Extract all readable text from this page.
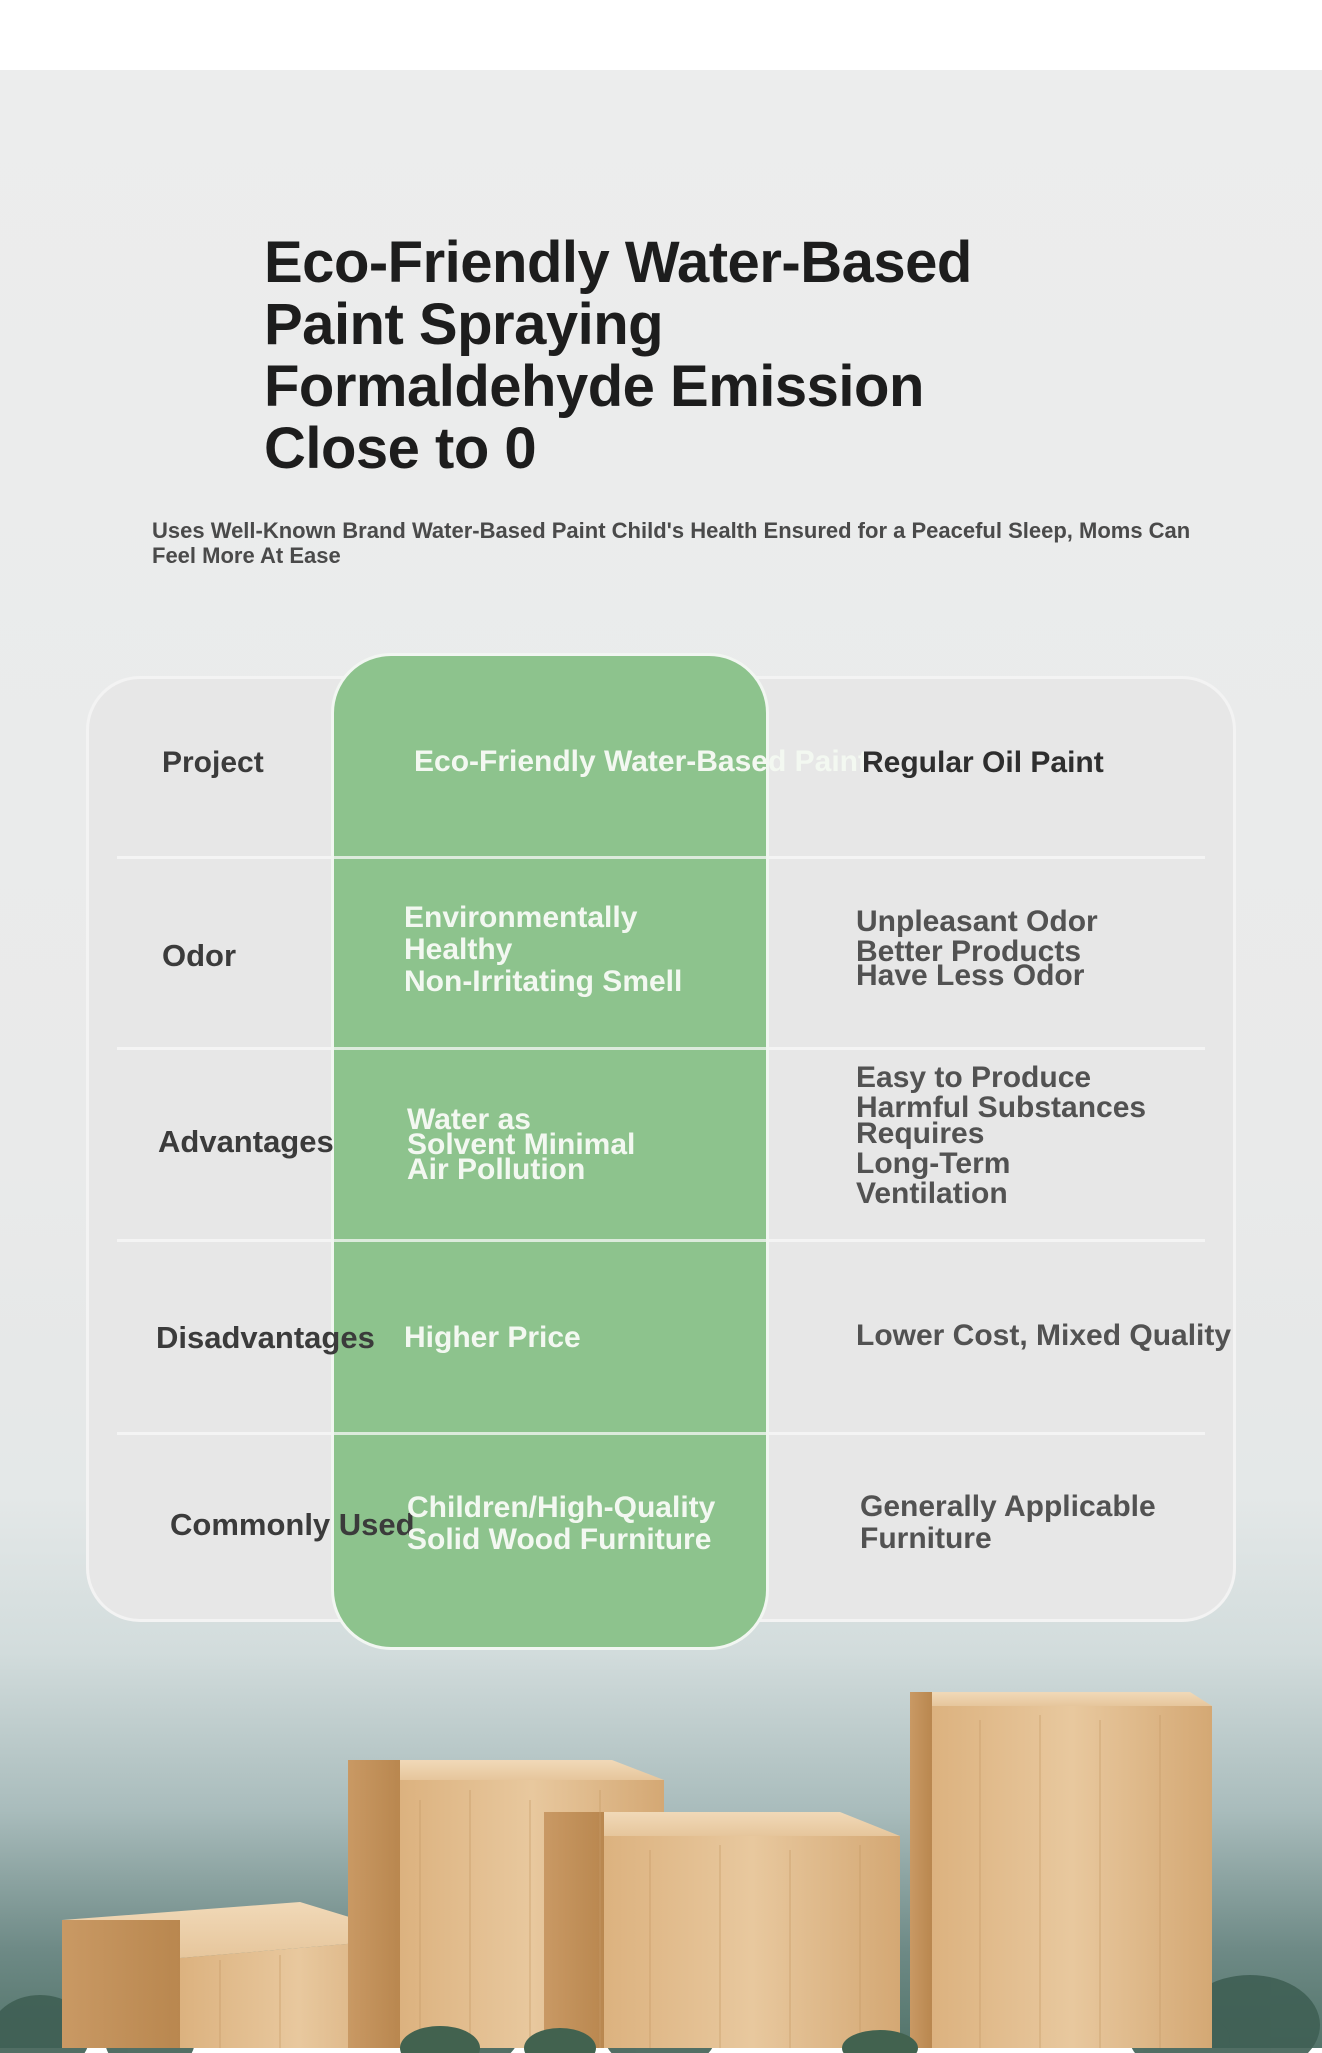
Eco-Friendly Water-Based
Paint Spraying
Formaldehyde Emission
Close to 0
Uses Well-Known Brand Water-Based Paint Child's Health Ensured for a Peaceful Sleep, Moms Can Feel More At Ease
Project	Eco-Friendly Water-Based Paint
Regular Oil Paint
Odor
Environmentally
Healthy
Non-Irritating Smell
Unpleasant Odor
Better Products
Have Less Odor
Advantages
Water as
Solvent Minimal
Air Pollution
Easy to Produce
Harmful Substances
Requires
Long-Term
Ventilation
Disadvantages Higher Price	Lower Cost, Mixed Quality
Commonly Used
Children/High-Quality
Solid Wood Furniture
Generally Applicable
Furniture
